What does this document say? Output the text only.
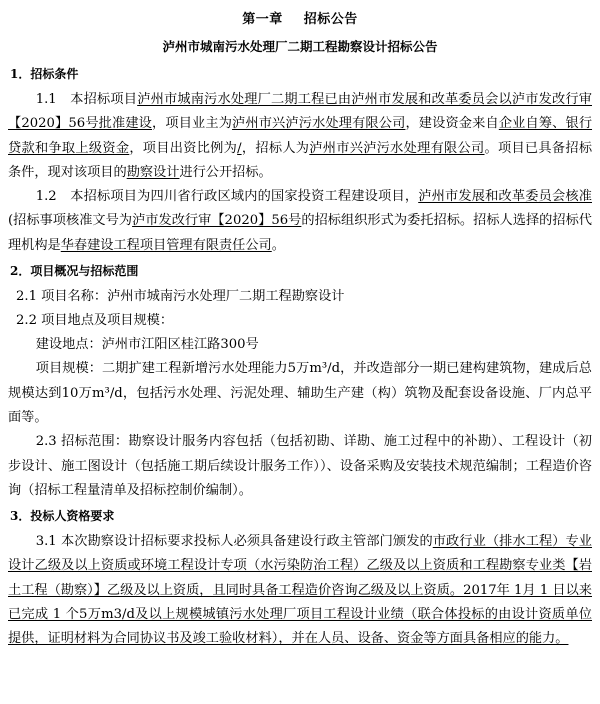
第一章 招标公告
泸州市城南污水处理厂二期工程勘察设计招标公告
1．招标条件

1.1　本招标项目泸州市城南污水处理厂二期工程已由泸州市发展和改革委员会以泸市发改行审【2020】56号批准建设，项目业主为泸州市兴泸污水处理有限公司，建设资金来自企业自筹、银行贷款和争取上级资金，项目出资比例为/，招标人为泸州市兴泸污水处理有限公司。项目已具备招标条件，现对该项目的勘察设计进行公开招标。

1.2　本招标项目为四川省行政区域内的国家投资工程建设项目，泸州市发展和改革委员会核准(招标事项核准文号为泸市发改行审【2020】56号的招标组织形式为委托招标。招标人选择的招标代理机构是华春建设工程项目管理有限责任公司。

2．项目概况与招标范围

2.1 项目名称：泸州市城南污水处理厂二期工程勘察设计

2.2 项目地点及项目规模：

建设地点：泸州市江阳区桂江路300号

项目规模：二期扩建工程新增污水处理能力5万m³/d，并改造部分一期已建构建筑物，建成后总规模达到10万m³/d，包括污水处理、污泥处理、辅助生产建（构）筑物及配套设备设施、厂内总平面等。

2.3 招标范围：勘察设计服务内容包括（包括初勘、详勘、施工过程中的补勘）、工程设计（初步设计、施工图设计（包括施工期后续设计服务工作））、设备采购及安装技术规范编制；工程造价咨询（招标工程量清单及招标控制价编制）。

3．投标人资格要求

3.1 本次勘察设计招标要求投标人必须具备建设行政主管部门颁发的市政行业（排水工程）专业设计乙级及以上资质或环境工程设计专项（水污染防治工程）乙级及以上资质和工程勘察专业类【岩土工程（勘察）】乙级及以上资质，且同时具备工程造价咨询乙级及以上资质。2017年 1月 1 日以来已完成 1 个5万m3/d及以上规模城镇污水处理厂项目工程设计业绩（联合体投标的由设计资质单位提供，证明材料为合同协议书及竣工验收材料），并在人员、设备、资金等方面具备相应的能力。
